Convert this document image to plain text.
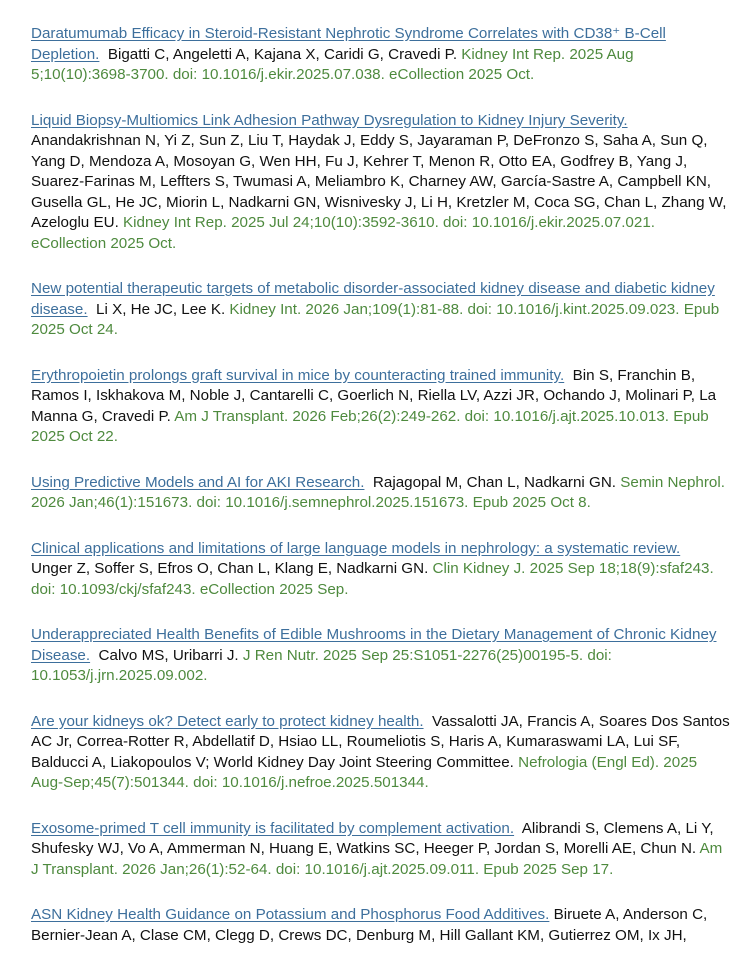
Daratumumab Efficacy in Steroid-Resistant Nephrotic Syndrome Correlates with CD38⁺ B-Cell Depletion. Bigatti C, Angeletti A, Kajana X, Caridi G, Cravedi P. Kidney Int Rep. 2025 Aug 5;10(10):3698-3700. doi: 10.1016/j.ekir.2025.07.038. eCollection 2025 Oct.

Liquid Biopsy-Multiomics Link Adhesion Pathway Dysregulation to Kidney Injury Severity.
Anandakrishnan N, Yi Z, Sun Z, Liu T, Haydak J, Eddy S, Jayaraman P, DeFronzo S, Saha A, Sun Q, Yang D, Mendoza A, Mosoyan G, Wen HH, Fu J, Kehrer T, Menon R, Otto EA, Godfrey B, Yang J, Suarez-Farinas M, Leffters S, Twumasi A, Meliambro K, Charney AW, García-Sastre A, Campbell KN, Gusella GL, He JC, Miorin L, Nadkarni GN, Wisnivesky J, Li H, Kretzler M, Coca SG, Chan L, Zhang W, Azeloglu EU. Kidney Int Rep. 2025 Jul 24;10(10):3592-3610. doi: 10.1016/j.ekir.2025.07.021. eCollection 2025 Oct.

New potential therapeutic targets of metabolic disorder-associated kidney disease and diabetic kidney disease. Li X, He JC, Lee K. Kidney Int. 2026 Jan;109(1):81-88. doi: 10.1016/j.kint.2025.09.023. Epub 2025 Oct 24.

Erythropoietin prolongs graft survival in mice by counteracting trained immunity. Bin S, Franchin B, Ramos I, Iskhakova M, Noble J, Cantarelli C, Goerlich N, Riella LV, Azzi JR, Ochando J, Molinari P, La Manna G, Cravedi P. Am J Transplant. 2026 Feb;26(2):249-262. doi: 10.1016/j.ajt.2025.10.013. Epub 2025 Oct 22.

Using Predictive Models and AI for AKI Research. Rajagopal M, Chan L, Nadkarni GN. Semin Nephrol. 2026 Jan;46(1):151673. doi: 10.1016/j.semnephrol.2025.151673. Epub 2025 Oct 8.

Clinical applications and limitations of large language models in nephrology: a systematic review.
Unger Z, Soffer S, Efros O, Chan L, Klang E, Nadkarni GN. Clin Kidney J. 2025 Sep 18;18(9):sfaf243. doi: 10.1093/ckj/sfaf243. eCollection 2025 Sep.

Underappreciated Health Benefits of Edible Mushrooms in the Dietary Management of Chronic Kidney Disease. Calvo MS, Uribarri J. J Ren Nutr. 2025 Sep 25:S1051-2276(25)00195-5. doi: 10.1053/j.jrn.2025.09.002.

Are your kidneys ok? Detect early to protect kidney health. Vassalotti JA, Francis A, Soares Dos Santos AC Jr, Correa-Rotter R, Abdellatif D, Hsiao LL, Roumeliotis S, Haris A, Kumaraswami LA, Lui SF, Balducci A, Liakopoulos V; World Kidney Day Joint Steering Committee. Nefrologia (Engl Ed). 2025 Aug-Sep;45(7):501344. doi: 10.1016/j.nefroe.2025.501344.

Exosome-primed T cell immunity is facilitated by complement activation. Alibrandi S, Clemens A, Li Y, Shufesky WJ, Vo A, Ammerman N, Huang E, Watkins SC, Heeger P, Jordan S, Morelli AE, Chun N. Am J Transplant. 2026 Jan;26(1):52-64. doi: 10.1016/j.ajt.2025.09.011. Epub 2025 Sep 17.

ASN Kidney Health Guidance on Potassium and Phosphorus Food Additives. Biruete A, Anderson C, Bernier-Jean A, Clase CM, Clegg D, Crews DC, Denburg M, Hill Gallant KM, Gutierrez OM, Ix JH,
